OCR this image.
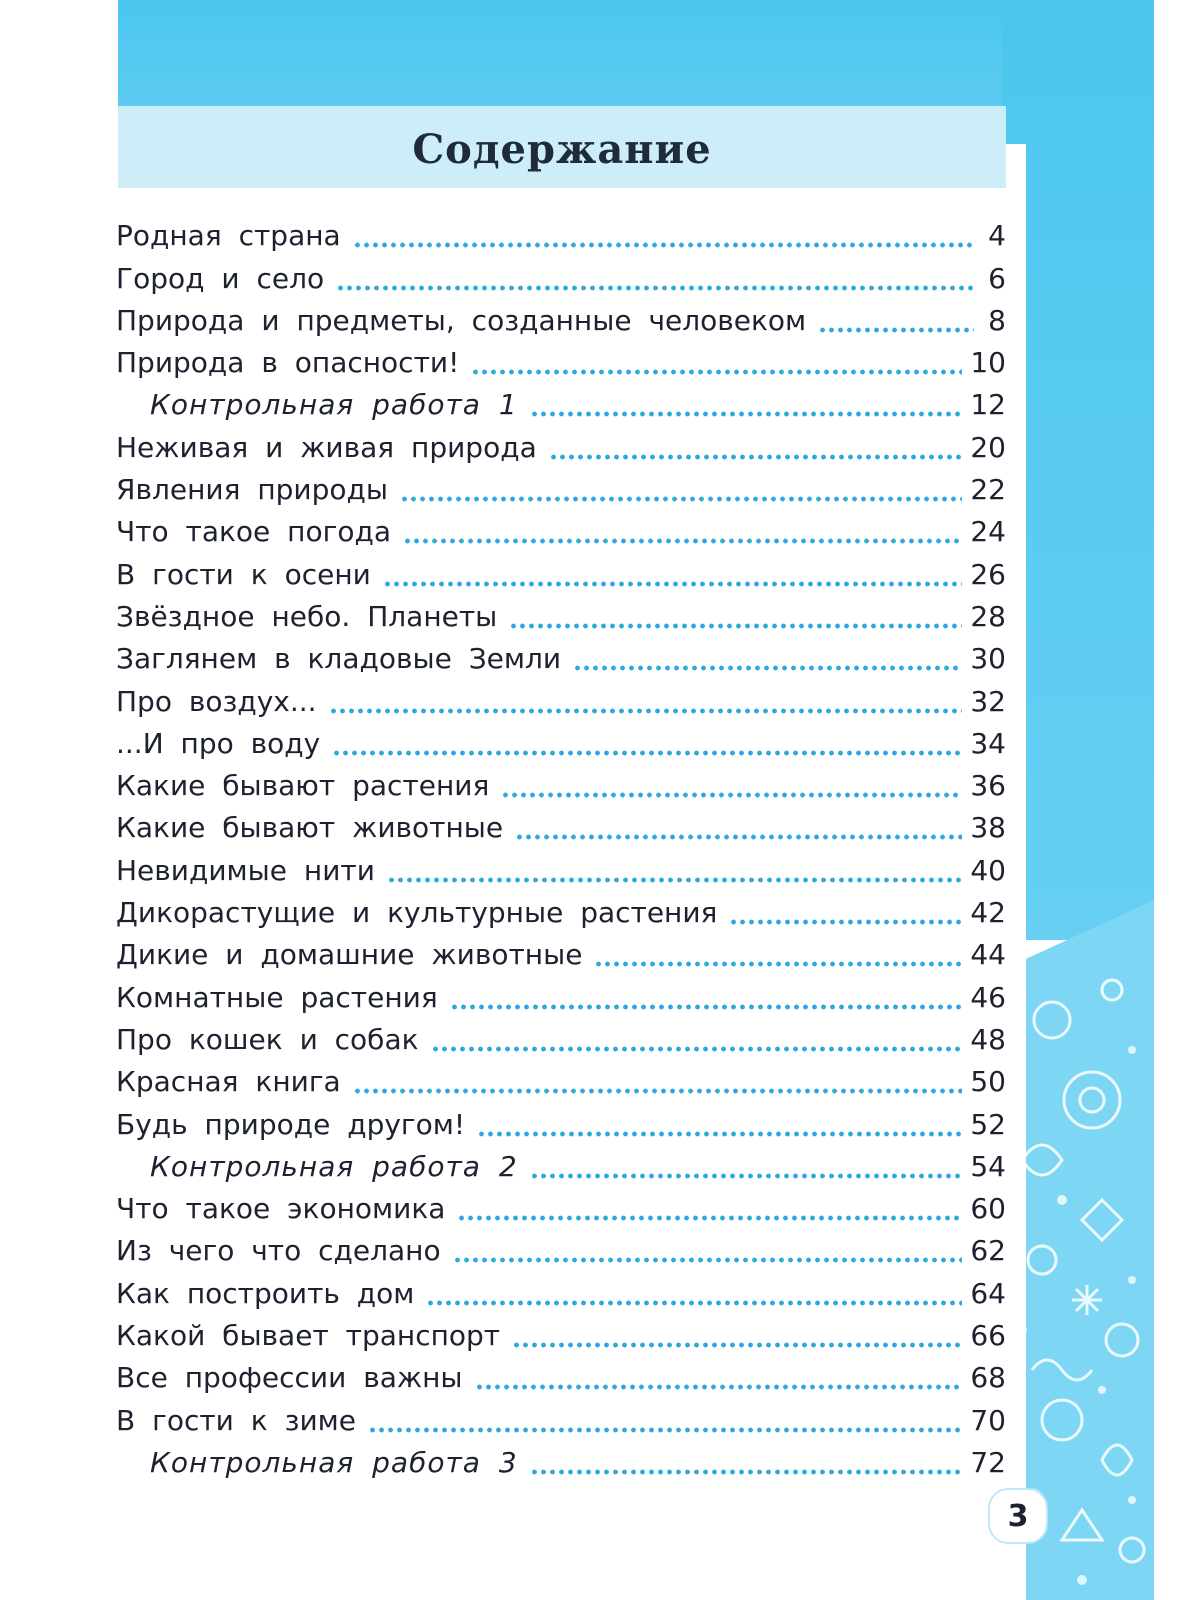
Содержание
Родная страна	4
Город и село	6
Природа и предметы, созданные человеком	8
Природа в опасности!	10
Контрольная работа 1	12
Неживая и живая природа	20
Явления природы	22
Что такое погода	24
В гости к осени	26
Звёздное небо. Планеты	28
Заглянем в кладовые Земли	30
Про воздух...	32
...И про воду	34
Какие бывают растения	36
Какие бывают животные	38
Невидимые нити	40
Дикорастущие и культурные растения	42
Дикие и домашние животные	44
Комнатные растения	46
Про кошек и собак	48
Красная книга	50
Будь природе другом!	52
Контрольная работа 2	54
Что такое экономика	60
Из чего что сделано	62
Как построить дом	64
Какой бывает транспорт	66
Все профессии важны	68
В гости к зиме	70
Контрольная работа 3	72
3
